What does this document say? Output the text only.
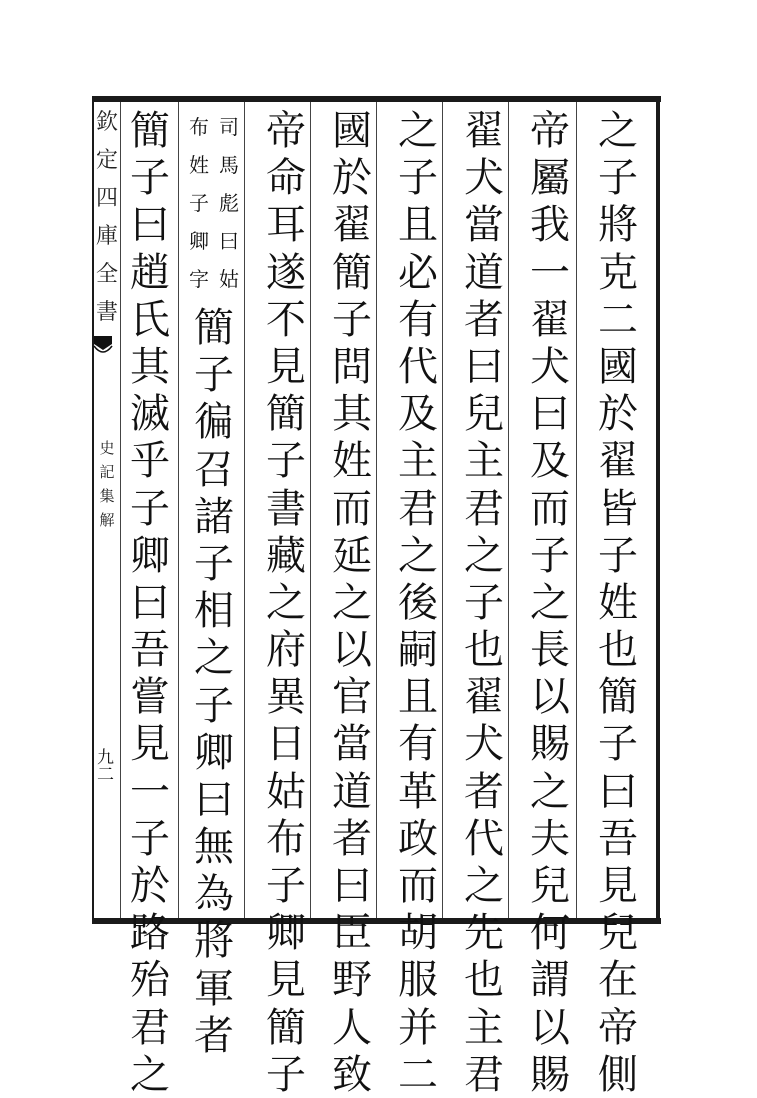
欽
定
四
庫
全
書
史
記
集
解
九二
之
子
將
克
二
國
於
翟
皆
子
姓
也
簡
子
曰
吾
見
兒
在
帝
側
帝
屬
我
一
翟
犬
曰
及
而
子
之
長
以
賜
之
夫
兒
何
謂
以
賜
翟
犬
當
道
者
曰
兒
主
君
之
子
也
翟
犬
者
代
之
先
也
主
君
之
子
且
必
有
代
及
主
君
之
後
嗣
且
有
革
政
而
胡
服
并
二
國
於
翟
簡
子
問
其
姓
而
延
之
以
官
當
道
者
曰
臣
野
人
致
帝
命
耳
遂
不
見
簡
子
書
藏
之
府
異
日
姑
布
子
卿
見
簡
子
司
馬
彪
曰
姑
布
姓
子
卿
字
簡
子
徧
召
諸
子
相
之
子
卿
曰
無
為
將
軍
者
簡
子
曰
趙
氏
其
滅
乎
子
卿
曰
吾
嘗
見
一
子
於
路
殆
君
之
